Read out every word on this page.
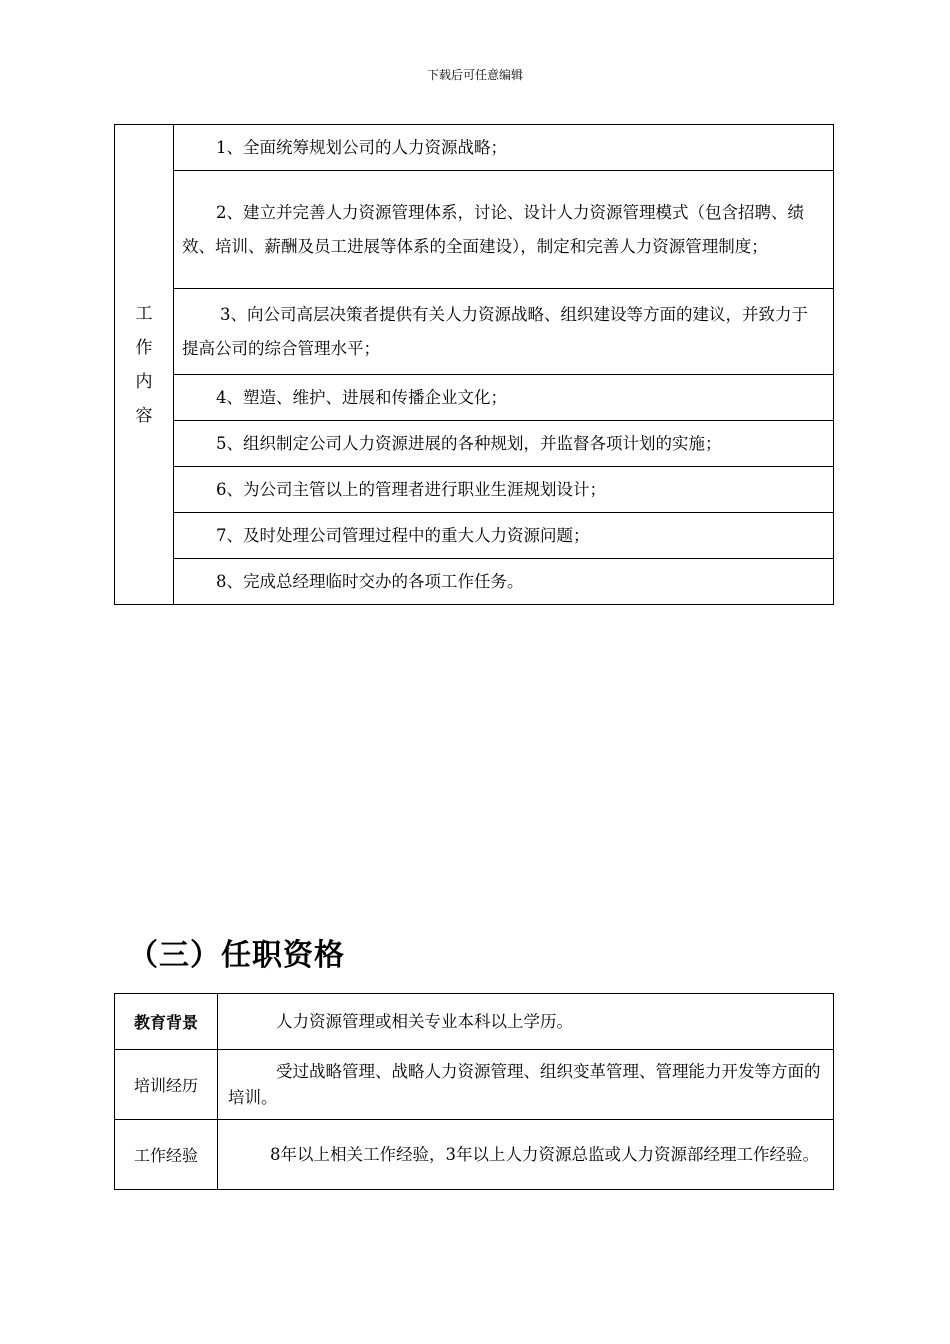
下载后可任意编辑
工
作
内
容
	1、全面统筹规划公司的人力资源战略；
2、建立并完善人力资源管理体系，讨论、设计人力资源管理模式（包含招聘、绩效、培训、薪酬及员工进展等体系的全面建设），制定和完善人力资源管理制度；
3、向公司高层决策者提供有关人力资源战略、组织建设等方面的建议，并致力于提高公司的综合管理水平；
4、塑造、维护、进展和传播企业文化；
5、组织制定公司人力资源进展的各种规划，并监督各项计划的实施；
6、为公司主管以上的管理者进行职业生涯规划设计；
7、及时处理公司管理过程中的重大人力资源问题；
8、完成总经理临时交办的各项工作任务。
（三）任职资格
教育背景	人力资源管理或相关专业本科以上学历。
培训经历	受过战略管理、战略人力资源管理、组织变革管理、管理能力开发等方面的培训。
工作经验	8年以上相关工作经验，3年以上人力资源总监或人力资源部经理工作经验。
